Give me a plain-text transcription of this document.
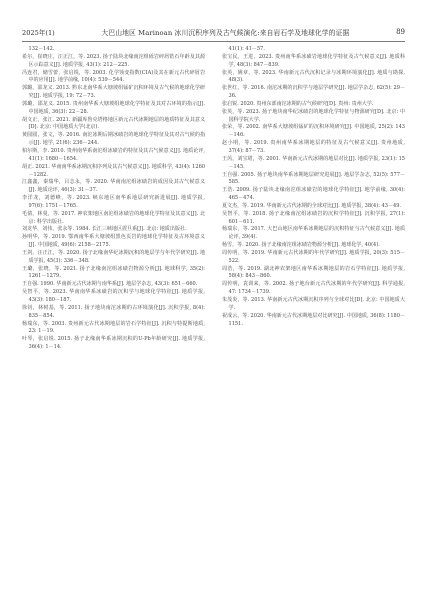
2025年(1)	大巴山地区 Marinoan 冰川沉积序列及古气候演化:来自岩石学及地球化学的证据	89

132－142.

希尔，崔晓庄，汪正江，等. 2023. 扬子陆块北缘南沱组砾岩碎屑锆石年龄及其源区示踪意义[J]. 地质学报, 43(1): 212－225.

冯连君，储雪蕾，张启锐，等. 2003. 化学蚀变指数(CIA)及其在新元古代碎屑岩中的应用[J]. 地学前缘, 10(4): 539－544.

郭璐，邵龙义. 2013. 黔东北南华系大塘坡组锰矿沉积环境及古气候的地球化学研究[J]. 地质学报, 19: 72－73.

郭璐，邵龙义. 2015. 贵州南华系大塘坡组地球化学特征及其对古环境的指示[J]. 中国地质, 36(3): 22－28.

胡文正，张江. 2021. 新疆库鲁克塔格地区新元古代冰期地层的地质特征及其意义[D]. 北京: 中国地质大学(北京).

黄圆圆，张文，等. 2016. 南沱冰期后期冰碛岩的地球化学特征及其对古气候的指示[J]. 地学, 21(6): 236－244.

柏尔斯，李. 2010. 贵州南华系南沱组冰碛岩的特征及其古气候意义[J]. 地质论评, 41(1): 1680－1654.

胡正. 2021. 华南南华系冰期沉积序列及其古气候意义[J]. 地质科学, 43(4): 1260－1282.

江鑫鑫，秦瑞华，吕志永，等. 2020. 华南南沱组冰碛岩的成因及其古气候意义[J]. 地质论评, 46(3): 31－37.

李洋龙，刘德峰，等. 2023. 峡东地区南华系地层研究新进展[J]. 地质学报, 97(6): 1751－1765.

毛倩，林曼，等. 2017. 神农架地区南沱组冰碛岩的地球化学特征及其意义[J]. 北京: 科学出版社.

刘龙华，刘伟，张永等. 1984. 长江三峡地区震旦系[J]. 北京: 地质出版社.

孙明华，等. 2019. 鄂西南华系大塘坡组黑色页岩的地球化学特征及古环境意义[J]. 中国地质, 49(6): 2158－2175.

王剑，汪正江，等. 2020. 扬子北缘南华纪冰期沉积的地层学与年代学研究[J]. 地质学报, 45(3): 336－348.

王璐，张晓，等. 2021. 扬子北缘南沱组冰碛岩物源分析[J]. 地球科学, 35(2): 1261－1279.

王自强. 1990. 华南新元古代冰期与南华系[J]. 地层学杂志, 43(3): 651－660.

吴智平，等. 2023. 华南南华系冰碛岩的沉积学与地球化学特征[J]. 地质学报, 43(3): 180－187.

徐钊，林树基，等. 2011. 扬子地块南沱冰期的古环境演化[J]. 沉积学报, 8(4): 835－854.

杨瑞东，等. 2003. 贵州新元古代冰期地层的岩石学特征[J]. 沉积与特提斯地质, 23: 1－19.

叶琴，张启锐. 2015. 扬子北缘南华系冰期沉积的U-Pb年龄研究[J]. 地质学报, 36(4): 1－14.

41(1): 41－57.

张宝民，王进，2023. 贵州南华系冰碛岩地球化学特征及古气候意义[J]. 地质科学, 48(3): 847－839.

张英，姚章，等. 2023. 华南新元古代沉积记录与冰期环境演化[J]. 地质与勘探, 48(3).

张世红，等. 2016. 南沱冰期的沉积学与地层学研究[J]. 地层学杂志, 62(5): 29－36.

张启锐. 2020. 贵州东部南沱冰期的古气候研究[D]. 贵州: 贵州大学.

张英，等. 2023. 扬子地块南华纪冰碛岩的地球化学特征与物源研究[D]. 北京: 中国科学院大学.

张荣，等. 2002. 南华系大塘坡组锰矿的沉积环境研究[J]. 中国地质, 25(2): 143－146.

赵小明，等. 2019. 贵州南华系冰期地层的特征及古气候意义[J]. 贵州地质, 37(4): 87－73.

王芮，刘宝珺，等. 2001. 华南新元古代冰期的地层对比[J]. 地质学报, 23(1): 15－145.

王自强. 2005. 扬子地块南华系冰期地层研究进展[J]. 地层学杂志, 52(5): 577－585.

王浩. 2009. 扬子陆块北缘南沱组冰碛岩的地球化学特征[J]. 地学前缘, 30(4): 465－474.

夏文杰，等. 2019. 华南新元古代冰期的全球对比[J]. 地质学报, 38(4): 43－49.

吴智平，等. 2018. 扬子北缘南沱组冰碛岩的沉积学特征[J]. 沉积学报, 27(1): 601－611.

杨瑞东，等. 2017. 大巴山地区南华系冰期地层的沉积特征与古气候意义[J]. 地质论评, 39(4).

杨雪，等. 2020. 扬子北缘南沱组冰碛岩物源分析[J]. 地球化学, 40(4).

周传明，等. 2019. 华南新元古代冰期的年代学研究[J]. 地质学报, 20(3): 515－522.

周浩，等. 2019. 湖北神农架地区南华系冰期地层的岩石学特征[J]. 地质学报, 58(4): 843－860.

周传明，袁训来，等. 2002. 扬子地台新元古代冰期的年代学研究[J]. 科学通报, 47: 1734－1739.

朱茂炎，等. 2013. 华南新元古代冰期沉积序列与全球对比[D]. 北京: 中国地质大学.

祝成云，等. 2020. 华南新元古代冰期地层对比研究[J]. 中国地质, 36(8): 1180－1151.
